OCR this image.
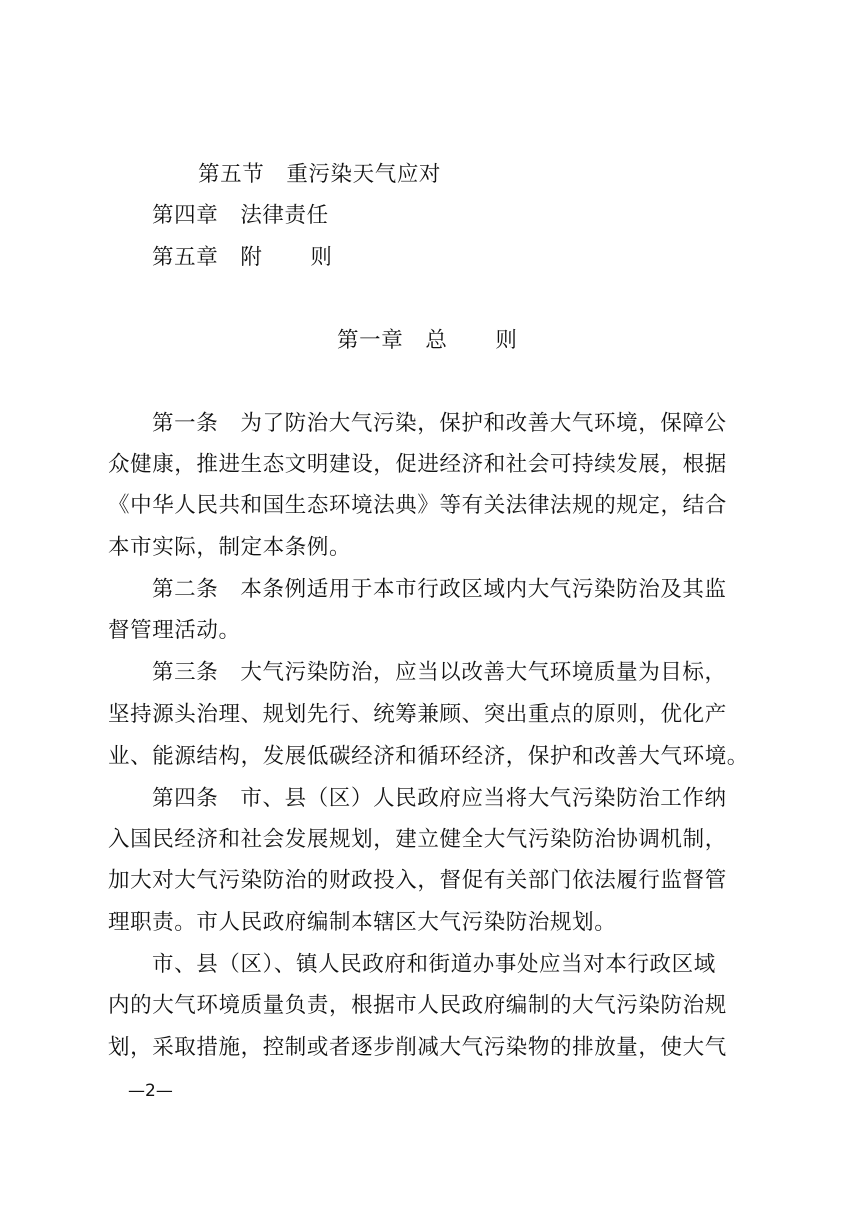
第五节 重污染天气应对
第四章 法律责任
第五章 附 则
第一章 总 则
第一条　为了防治大气污染，保护和改善大气环境，保障公
众健康，推进生态文明建设，促进经济和社会可持续发展，根据
《中华人民共和国生态环境法典》等有关法律法规的规定，结合
本市实际，制定本条例。
第二条　本条例适用于本市行政区域内大气污染防治及其监
督管理活动。
第三条　大气污染防治，应当以改善大气环境质量为目标，
坚持源头治理、规划先行、统筹兼顾、突出重点的原则，优化产
业、能源结构，发展低碳经济和循环经济，保护和改善大气环境。
第四条　市、县（区）人民政府应当将大气污染防治工作纳
入国民经济和社会发展规划，建立健全大气污染防治协调机制，
加大对大气污染防治的财政投入，督促有关部门依法履行监督管
理职责。市人民政府编制本辖区大气污染防治规划。
市、县（区）、镇人民政府和街道办事处应当对本行政区域
内的大气环境质量负责，根据市人民政府编制的大气污染防治规
划，采取措施，控制或者逐步削减大气污染物的排放量，使大气
—2—
